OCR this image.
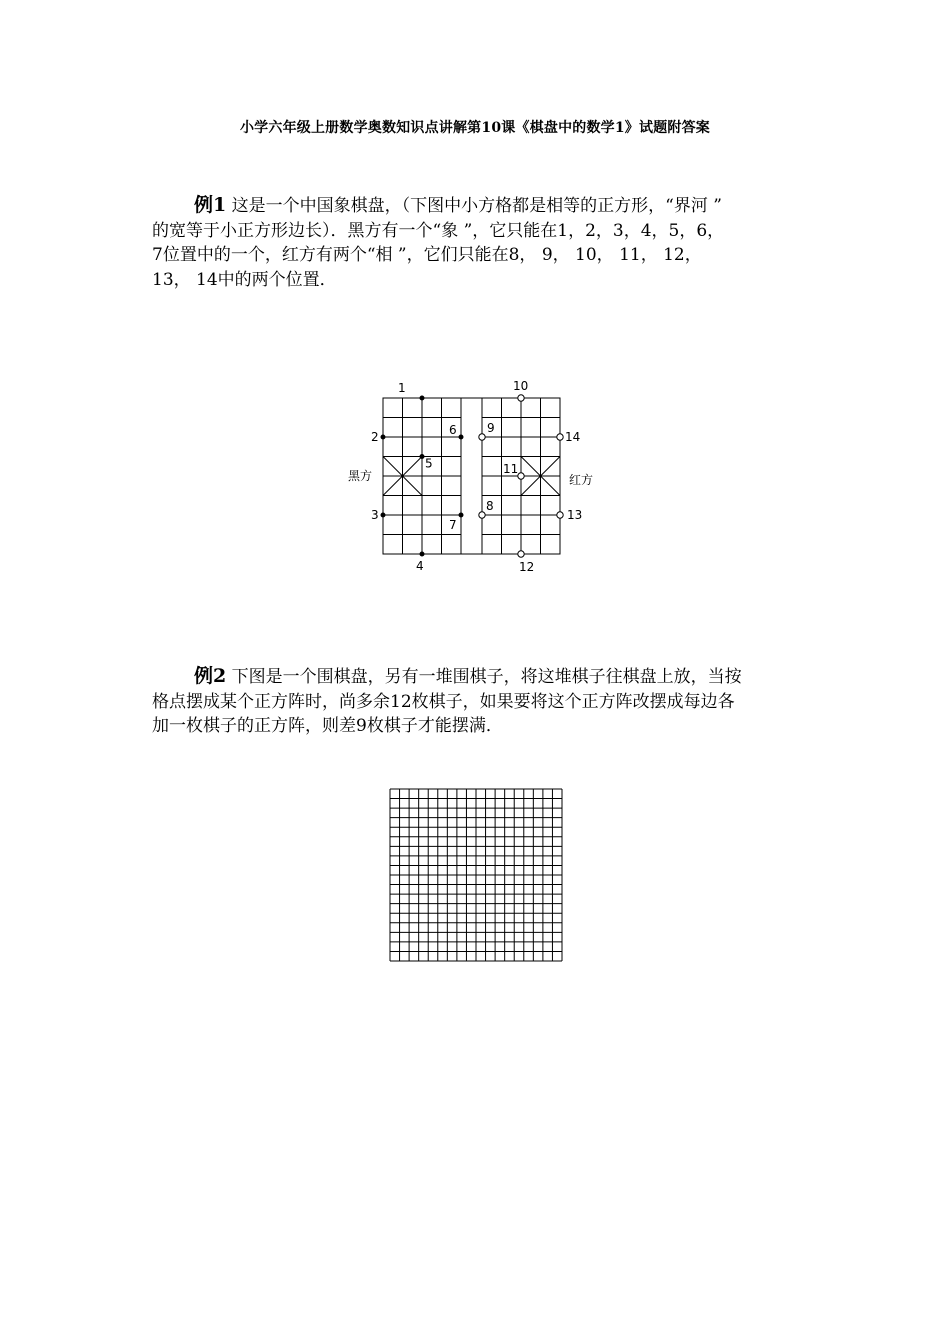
小学六年级上册数学奥数知识点讲解第10课《棋盘中的数学1》试题附答案
例1 这是一个中国象棋盘，（下图中小方格都是相等的正方形，“界河 ”
的宽等于小正方形边长）．黑方有一个“象 ”，它只能在1，2，3，4，5，6，
7位置中的一个，红方有两个“相 ”，它们只能在8， 9， 10， 11， 12，
13， 14中的两个位置．
1
2
3
4
5
6
7
8
9
10
11
12
13
14
黑方	红方
例2 下图是一个围棋盘，另有一堆围棋子，将这堆棋子往棋盘上放，当按
格点摆成某个正方阵时，尚多余12枚棋子，如果要将这个正方阵改摆成每边各
加一枚棋子的正方阵，则差9枚棋子才能摆满．
